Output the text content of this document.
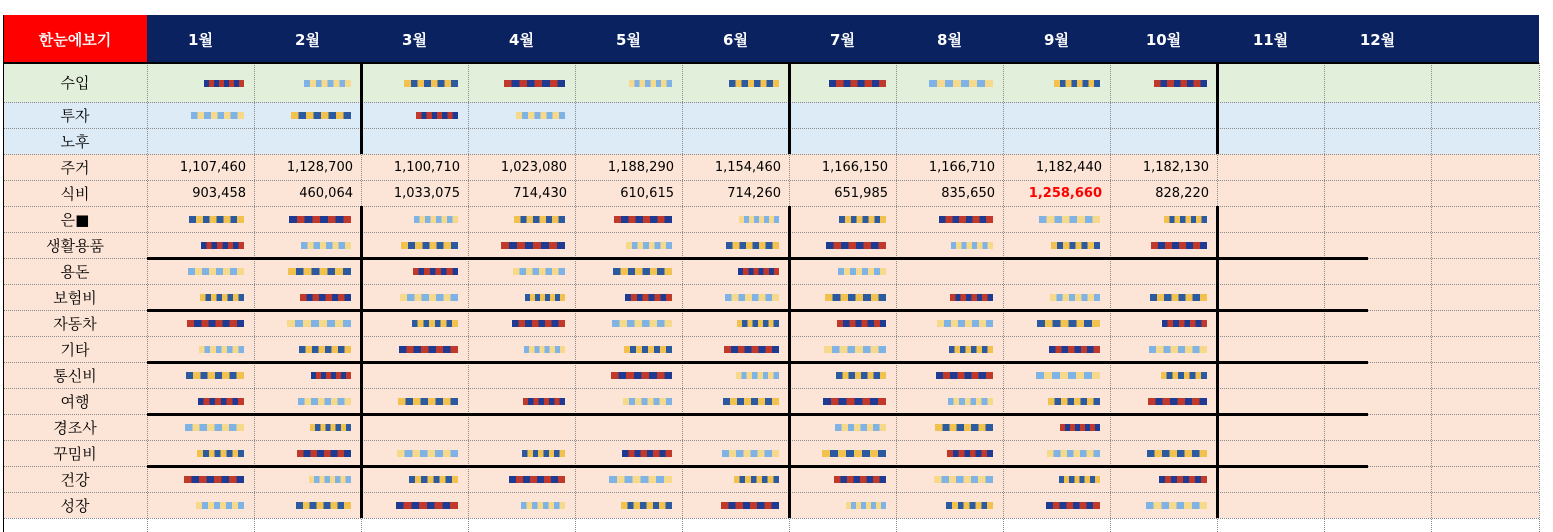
한눈에보기	1월	2월	3월	4월	5월	6월	7월	8월	9월	10월	11월	12월
수입
투자
노후
주거	1,107,460	1,128,700	1,100,710	1,023,080	1,188,290	1,154,460	1,166,150	1,166,710	1,182,440	1,182,130
식비	903,458	460,064	1,033,075	714,430	610,615	714,260	651,985	835,650	1,258,660	828,220
은■
생활용품
용돈
보험비
자동차
기타
통신비
여행
경조사
꾸밈비
건강
성장
